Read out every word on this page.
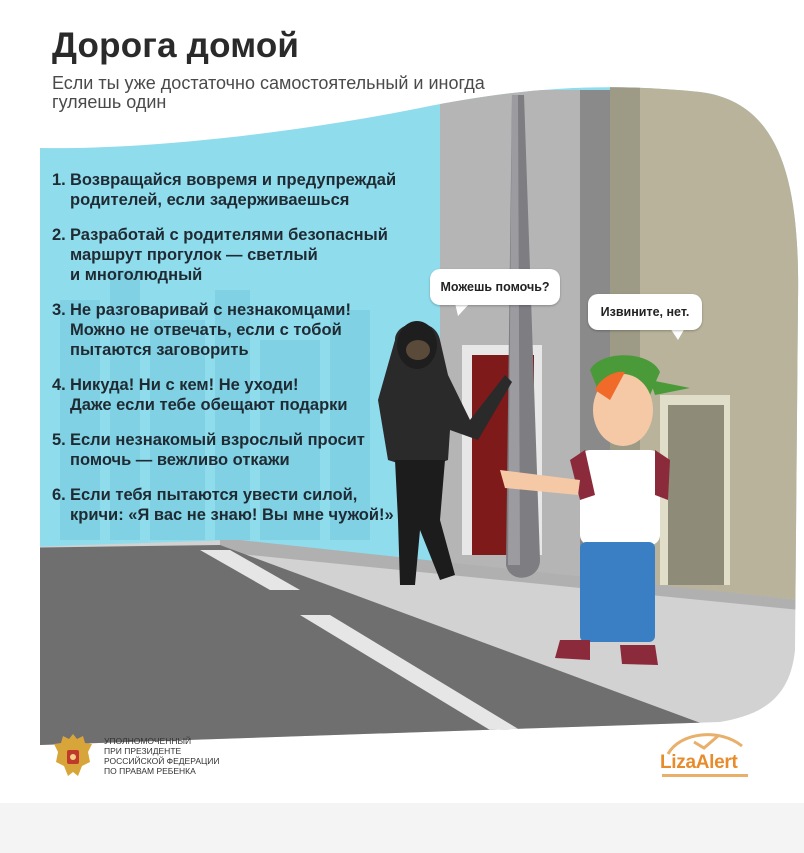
Дорога домой

Если ты уже достаточно самостоятельный и иногда гуляешь один

1. Возвращайся вовремя и предупреждай
родителей, если задерживаешься
2. Разработай с родителями безопасный
маршрут прогулок — светлый
и многолюдный
3. Не разговаривай с незнакомцами!
Можно не отвечать, если с тобой
пытаются заговорить
4. Никуда! Ни с кем! Не уходи!
Даже если тебе обещают подарки
5. Если незнакомый взрослый просит
помочь — вежливо откажи
6. Если тебя пытаются увести силой,
кричи: «Я вас не знаю! Вы мне чужой!»
Можешь помочь?
Извините, нет.
УПОЛНОМОЧЕННЫЙ
ПРИ ПРЕЗИДЕНТЕ
РОССИЙСКОЙ ФЕДЕРАЦИИ
ПО ПРАВАМ РЕБЕНКА	LizaAlert
